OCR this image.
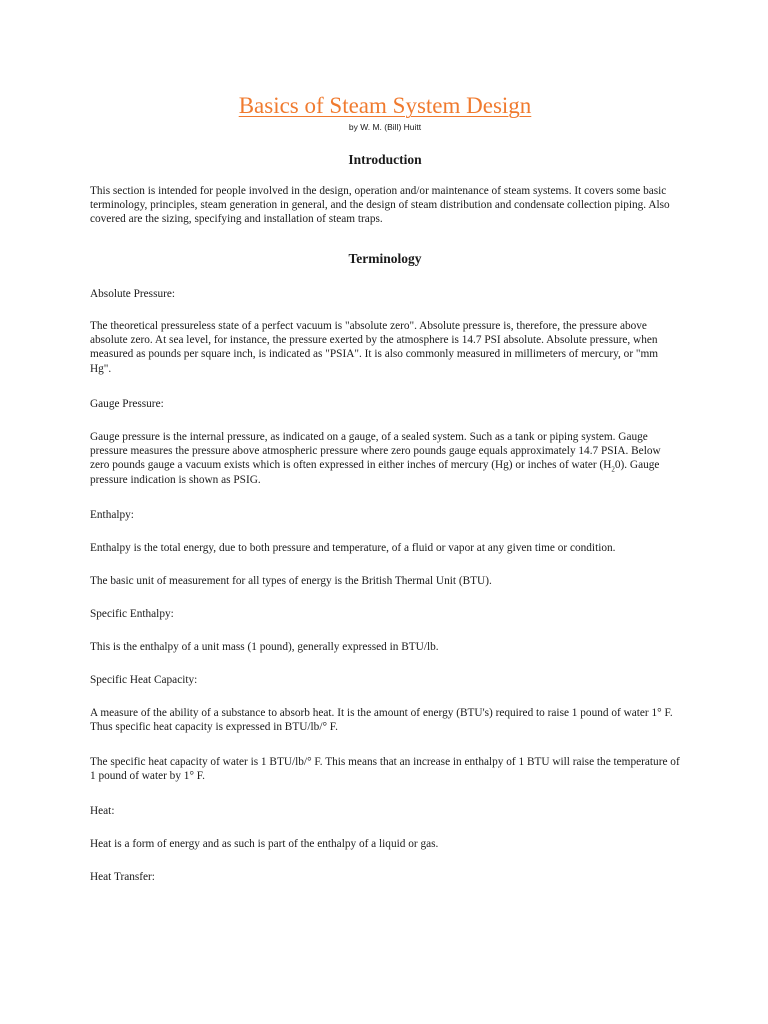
Basics of Steam System Design
by W. M. (Bill) Huitt
Introduction

This section is intended for people involved in the design, operation and/or maintenance of steam systems. It covers some basic terminology, principles, steam generation in general, and the design of steam distribution and condensate collection piping. Also covered are the sizing, specifying and installation of steam traps.

Terminology

Absolute Pressure:

The theoretical pressureless state of a perfect vacuum is "absolute zero". Absolute pressure is, therefore, the pressure above absolute zero. At sea level, for instance, the pressure exerted by the atmosphere is 14.7 PSI absolute. Absolute pressure, when measured as pounds per square inch, is indicated as "PSIA". It is also commonly measured in millimeters of mercury, or "mm Hg".

Gauge Pressure:

Gauge pressure is the internal pressure, as indicated on a gauge, of a sealed system. Such as a tank or piping system. Gauge pressure measures the pressure above atmospheric pressure where zero pounds gauge equals approximately 14.7 PSIA. Below zero pounds gauge a vacuum exists which is often expressed in either inches of mercury (Hg) or inches of water $(H_20)$. Gauge pressure indication is shown as PSIG.

Enthalpy:

Enthalpy is the total energy, due to both pressure and temperature, of a fluid or vapor at any given time or condition.

The basic unit of measurement for all types of energy is the British Thermal Unit (BTU).

Specific Enthalpy:

This is the enthalpy of a unit mass (1 pound), generally expressed in BTU/lb.

Specific Heat Capacity:

A measure of the ability of a substance to absorb heat. It is the amount of energy (BTU's) required to raise 1 pound of water 1° F. Thus specific heat capacity is expressed in BTU/lb/° F.

The specific heat capacity of water is 1 BTU/lb/° F. This means that an increase in enthalpy of 1 BTU will raise the temperature of 1 pound of water by 1° F.

Heat:

Heat is a form of energy and as such is part of the enthalpy of a liquid or gas.

Heat Transfer:
